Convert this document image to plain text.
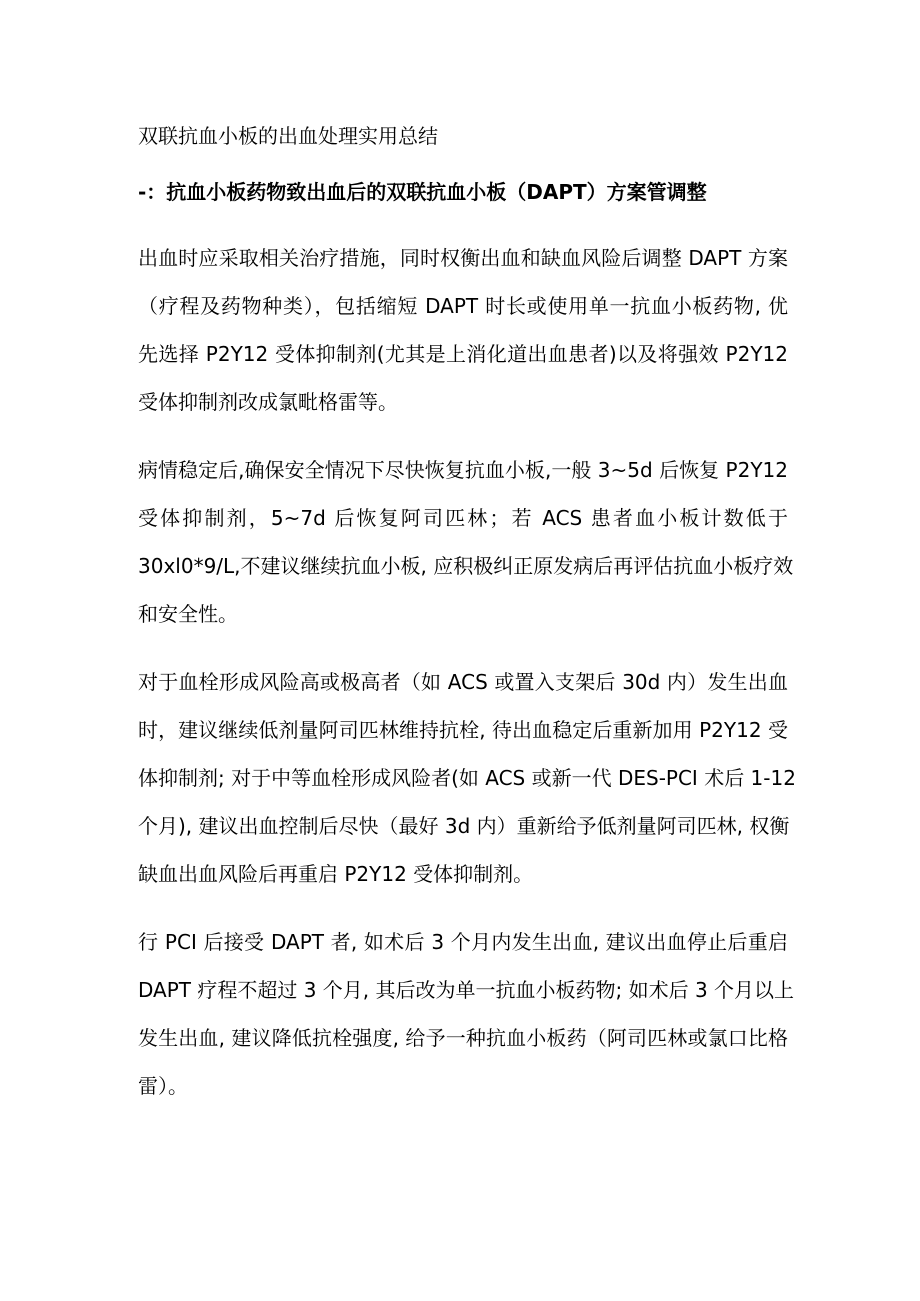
双联抗血小板的出血处理实用总结
-：抗血小板药物致出血后的双联抗血小板（DAPT）方案管调整
出血时应采取相关治疗措施，同时权衡出血和缺血风险后调整 DAPT 方案
（疗程及药物种类），包括缩短 DAPT 时长或使用单一抗血小板药物, 优
先选择 P2Y12 受体抑制剂(尤其是上消化道出血患者)以及将强效 P2Y12
受体抑制剂改成氯毗格雷等。
病情稳定后,确保安全情况下尽快恢复抗血小板,一般 3~5d 后恢复 P2Y12
受体抑制剂，5~7d 后恢复阿司匹林；若 ACS 患者血小板计数低于
30xl0*9/L,不建议继续抗血小板, 应积极纠正原发病后再评估抗血小板疗效
和安全性。
对于血栓形成风险高或极高者（如 ACS 或置入支架后 30d 内）发生出血
时，建议继续低剂量阿司匹林维持抗栓, 待出血稳定后重新加用 P2Y12 受
体抑制剂; 对于中等血栓形成风险者(如 ACS 或新一代 DES-PCI 术后 1-12
个月), 建议出血控制后尽快（最好 3d 内）重新给予低剂量阿司匹林, 权衡
缺血出血风险后再重启 P2Y12 受体抑制剂。
行 PCI 后接受 DAPT 者, 如术后 3 个月内发生出血, 建议出血停止后重启
DAPT 疗程不超过 3 个月, 其后改为单一抗血小板药物; 如术后 3 个月以上
发生出血, 建议降低抗栓强度, 给予一种抗血小板药（阿司匹林或氯口比格
雷）。
